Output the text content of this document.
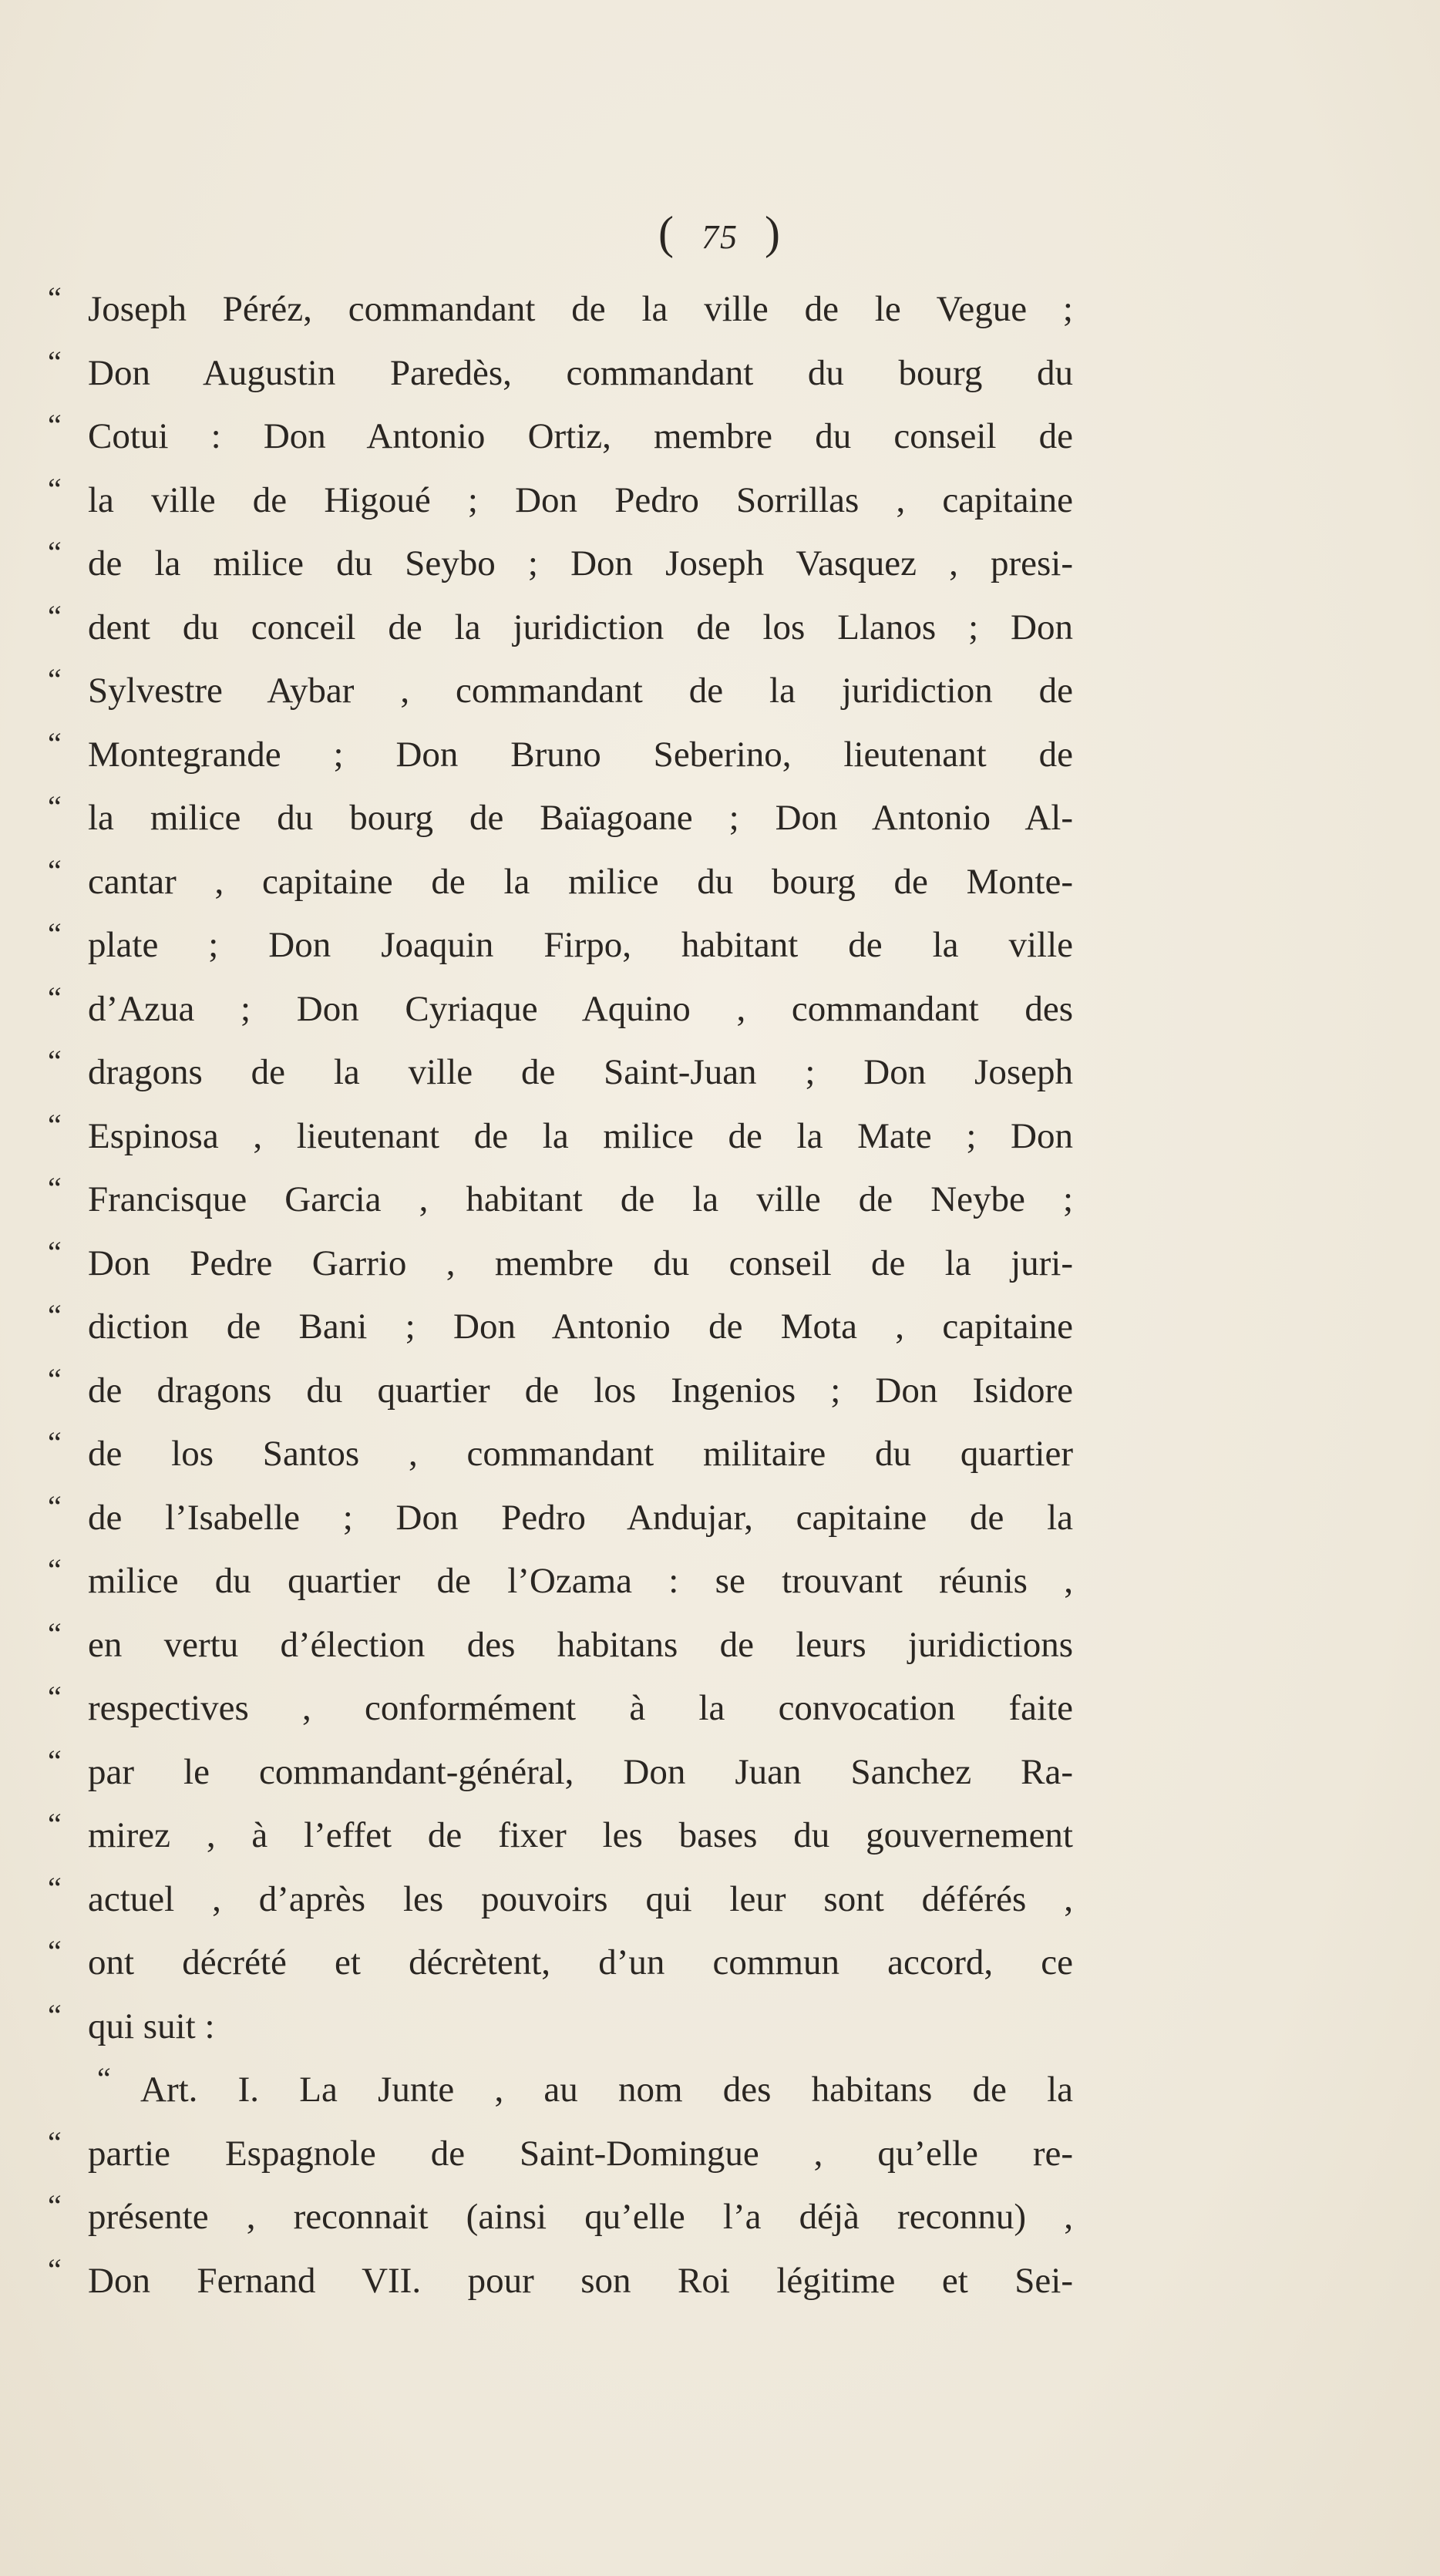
( 75 )
“ Joseph Péréz, commandant de la ville de le Vegue ;
“ Don Augustin Paredès, commandant du bourg du
“ Cotui : Don Antonio Ortiz, membre du conseil de
“ la ville de Higoué ; Don Pedro Sorrillas , capitaine
“ de la milice du Seybo ; Don Joseph Vasquez , presi-
“ dent du conceil de la juridiction de los Llanos ; Don
“ Sylvestre Aybar , commandant de la juridiction de
“ Montegrande ; Don Bruno Seberino, lieutenant de
“ la milice du bourg de Baïagoane ; Don Antonio Al-
“ cantar , capitaine de la milice du bourg de Monte-
“ plate ; Don Joaquin Firpo, habitant de la ville
“ d’Azua ; Don Cyriaque Aquino , commandant des
“ dragons de la ville de Saint-Juan ; Don Joseph
“ Espinosa , lieutenant de la milice de la Mate ; Don
“ Francisque Garcia , habitant de la ville de Neybe ;
“ Don Pedre Garrio , membre du conseil de la juri-
“ diction de Bani ; Don Antonio de Mota , capitaine
“ de dragons du quartier de los Ingenios ; Don Isidore
“ de los Santos , commandant militaire du quartier
“ de l’Isabelle ; Don Pedro Andujar, capitaine de la
“ milice du quartier de l’Ozama : se trouvant réunis ,
“ en vertu d’élection des habitans de leurs juridictions
“ respectives , conformément à la convocation faite
“ par le commandant-général, Don Juan Sanchez Ra-
“ mirez , à l’effet de fixer les bases du gouvernement
“ actuel , d’après les pouvoirs qui leur sont déférés ,
“ ont décrété et décrètent, d’un commun accord, ce
“ qui suit :
“ Art. I. La Junte , au nom des habitans de la
“ partie Espagnole de Saint-Domingue , qu’elle re-
“ présente , reconnait (ainsi qu’elle l’a déjà reconnu) ,
“ Don Fernand VII. pour son Roi légitime et Sei-
